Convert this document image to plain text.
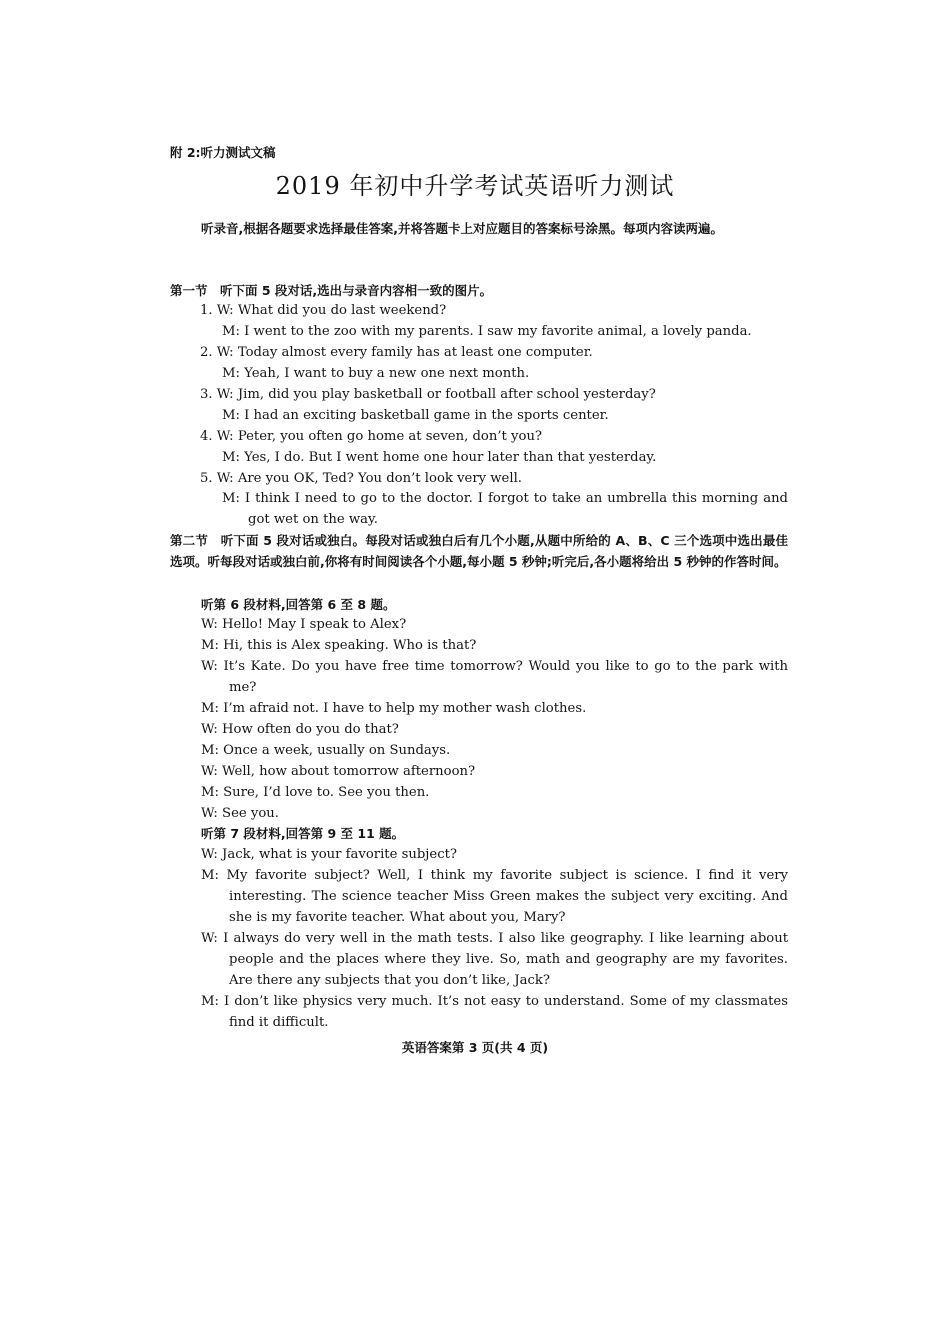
附 2:听力测试文稿
2019 年初中升学考试英语听力测试
听录音,根据各题要求选择最佳答案,并将答题卡上对应题目的答案标号涂黑。每项内容读两遍。
第一节　听下面 5 段对话,选出与录音内容相一致的图片。
1. W: What did you do last weekend?
M: I went to the zoo with my parents. I saw my favorite animal, a lovely panda.
2. W: Today almost every family has at least one computer.
M: Yeah, I want to buy a new one next month.
3. W: Jim, did you play basketball or football after school yesterday?
M: I had an exciting basketball game in the sports center.
4. W: Peter, you often go home at seven, don’t you?
M: Yes, I do. But I went home one hour later than that yesterday.
5. W: Are you OK, Ted? You don’t look very well.
M: I think I need to go to the doctor. I forgot to take an umbrella this morning and got wet on the way.
第二节　听下面 5 段对话或独白。每段对话或独白后有几个小题,从题中所给的 A、B、C 三个选项中选出最佳选项。听每段对话或独白前,你将有时间阅读各个小题,每小题 5 秒钟;听完后,各小题将给出 5 秒钟的作答时间。
听第 6 段材料,回答第 6 至 8 题。
W: Hello! May I speak to Alex?
M: Hi, this is Alex speaking. Who is that?
W: It’s Kate. Do you have free time tomorrow? Would you like to go to the park with me?
M: I’m afraid not. I have to help my mother wash clothes.
W: How often do you do that?
M: Once a week, usually on Sundays.
W: Well, how about tomorrow afternoon?
M: Sure, I’d love to. See you then.
W: See you.
听第 7 段材料,回答第 9 至 11 题。
W: Jack, what is your favorite subject?
M: My favorite subject? Well, I think my favorite subject is science. I find it very interesting. The science teacher Miss Green makes the subject very exciting. And she is my favorite teacher. What about you, Mary?
W: I always do very well in the math tests. I also like geography. I like learning about people and the places where they live. So, math and geography are my favorites. Are there any subjects that you don’t like, Jack?
M: I don’t like physics very much. It’s not easy to understand. Some of my classmates find it difficult.
英语答案第 3 页(共 4 页)
